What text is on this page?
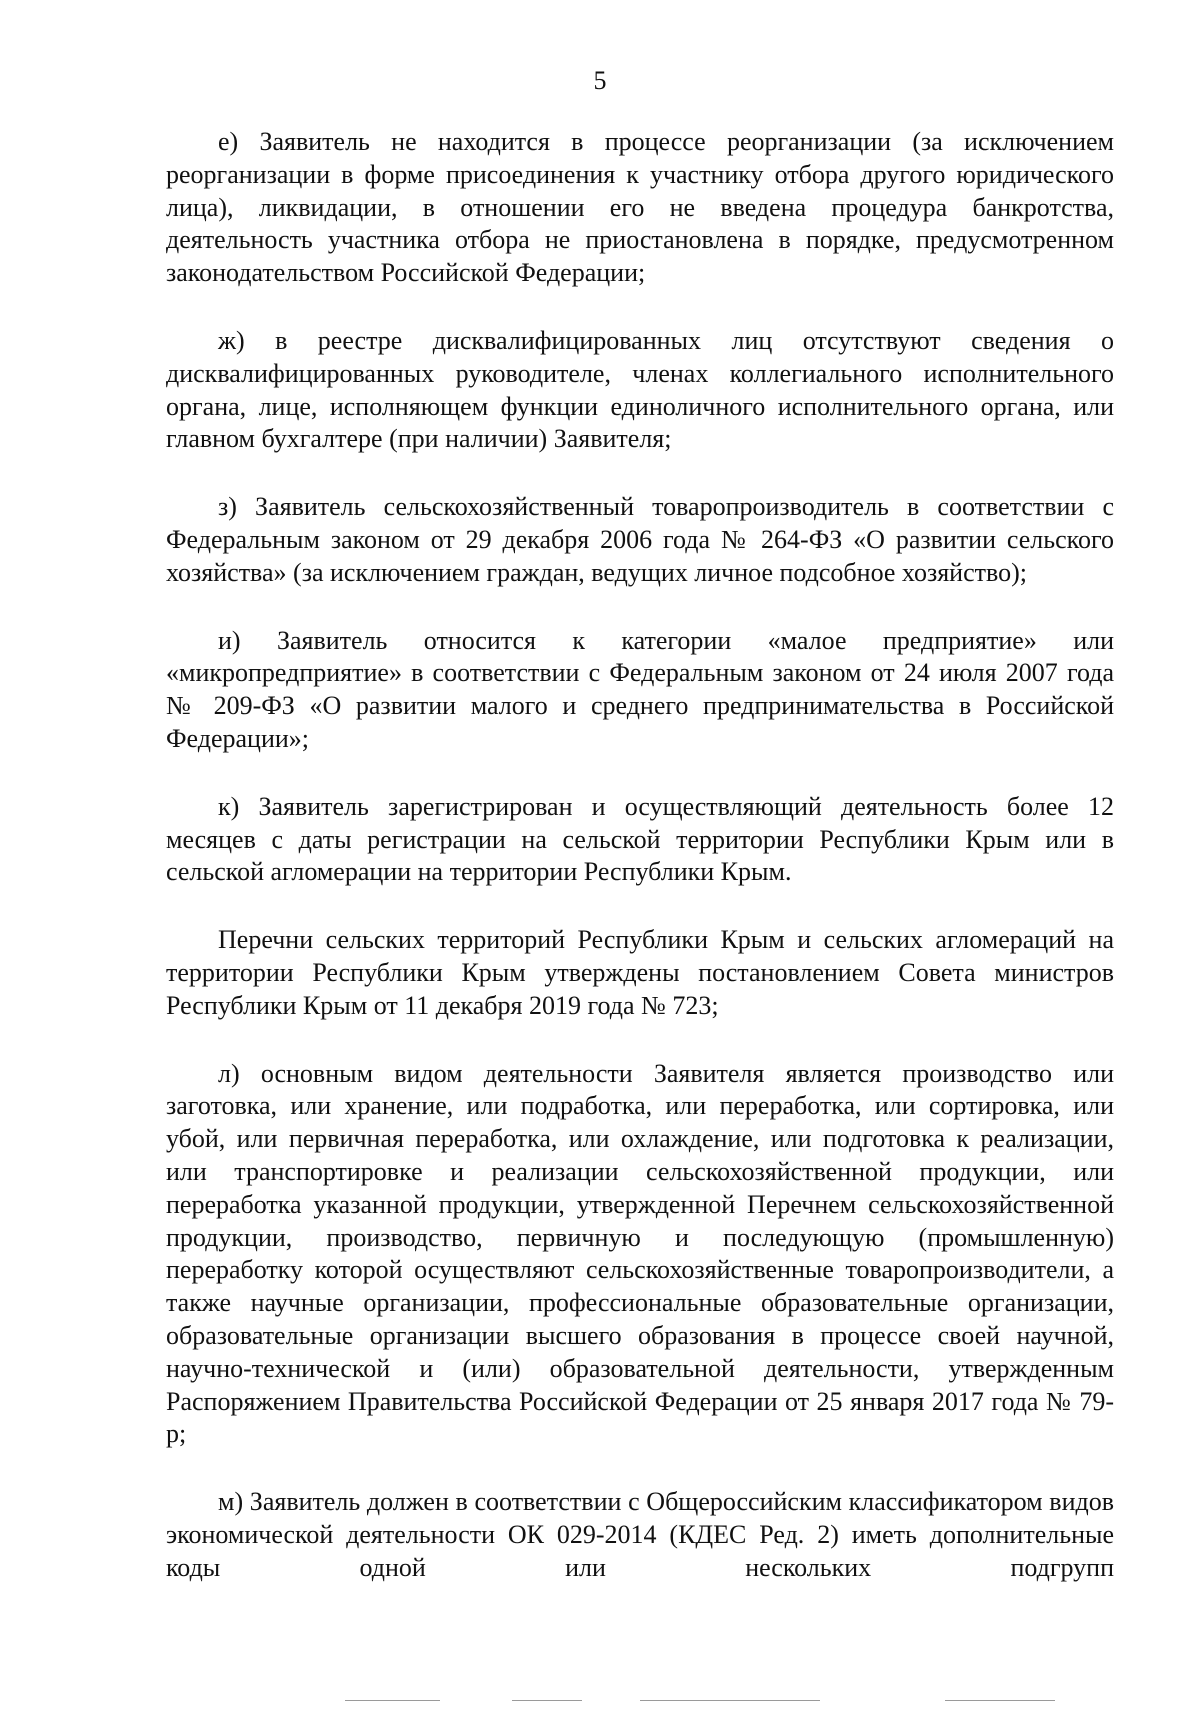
5

е) Заявитель не находится в процессе реорганизации (за исключением реорганизации в форме присоединения к участнику отбора другого юридического лица), ликвидации, в отношении его не введена процедура банкротства, деятельность участника отбора не приостановлена в порядке, предусмотренном законодательством Российской Федерации;

ж) в реестре дисквалифицированных лиц отсутствуют сведения о дисквалифицированных руководителе, членах коллегиального исполнительного органа, лице, исполняющем функции единоличного исполнительного органа, или главном бухгалтере (при наличии) Заявителя;

з) Заявитель сельскохозяйственный товаропроизводитель в соответствии с Федеральным законом от 29 декабря 2006 года № 264-ФЗ «О развитии сельского хозяйства» (за исключением граждан, ведущих личное подсобное хозяйство);

и) Заявитель относится к категории «малое предприятие» или «микропредприятие» в соответствии с Федеральным законом от 24 июля 2007 года № 209-ФЗ «О развитии малого и среднего предпринимательства в Российской Федерации»;

к) Заявитель зарегистрирован и осуществляющий деятельность более 12 месяцев с даты регистрации на сельской территории Республики Крым или в сельской агломерации на территории Республики Крым.

Перечни сельских территорий Республики Крым и сельских агломераций на территории Республики Крым утверждены постановлением Совета министров Республики Крым от 11 декабря 2019 года № 723;

л) основным видом деятельности Заявителя является производство или заготовка, или хранение, или подработка, или переработка, или сортировка, или убой, или первичная переработка, или охлаждение, или подготовка к реализации, или транспортировке и реализации сельскохозяйственной продукции, или переработка указанной продукции, утвержденной Перечнем сельскохозяйственной продукции, производство, первичную и последующую (промышленную) переработку которой осуществляют сельскохозяйственные товаропроизводители, а также научные организации, профессиональные образовательные организации, образовательные организации высшего образования в процессе своей научной, научно-технической и (или) образовательной деятельности, утвержденным Распоряжением Правительства Российской Федерации от 25 января 2017 года № 79-р;

м) Заявитель должен в соответствии с Общероссийским классификатором видов экономической деятельности ОК 029-2014 (КДЕС Ред. 2) иметь дополнительные коды одной или нескольких подгрупп
